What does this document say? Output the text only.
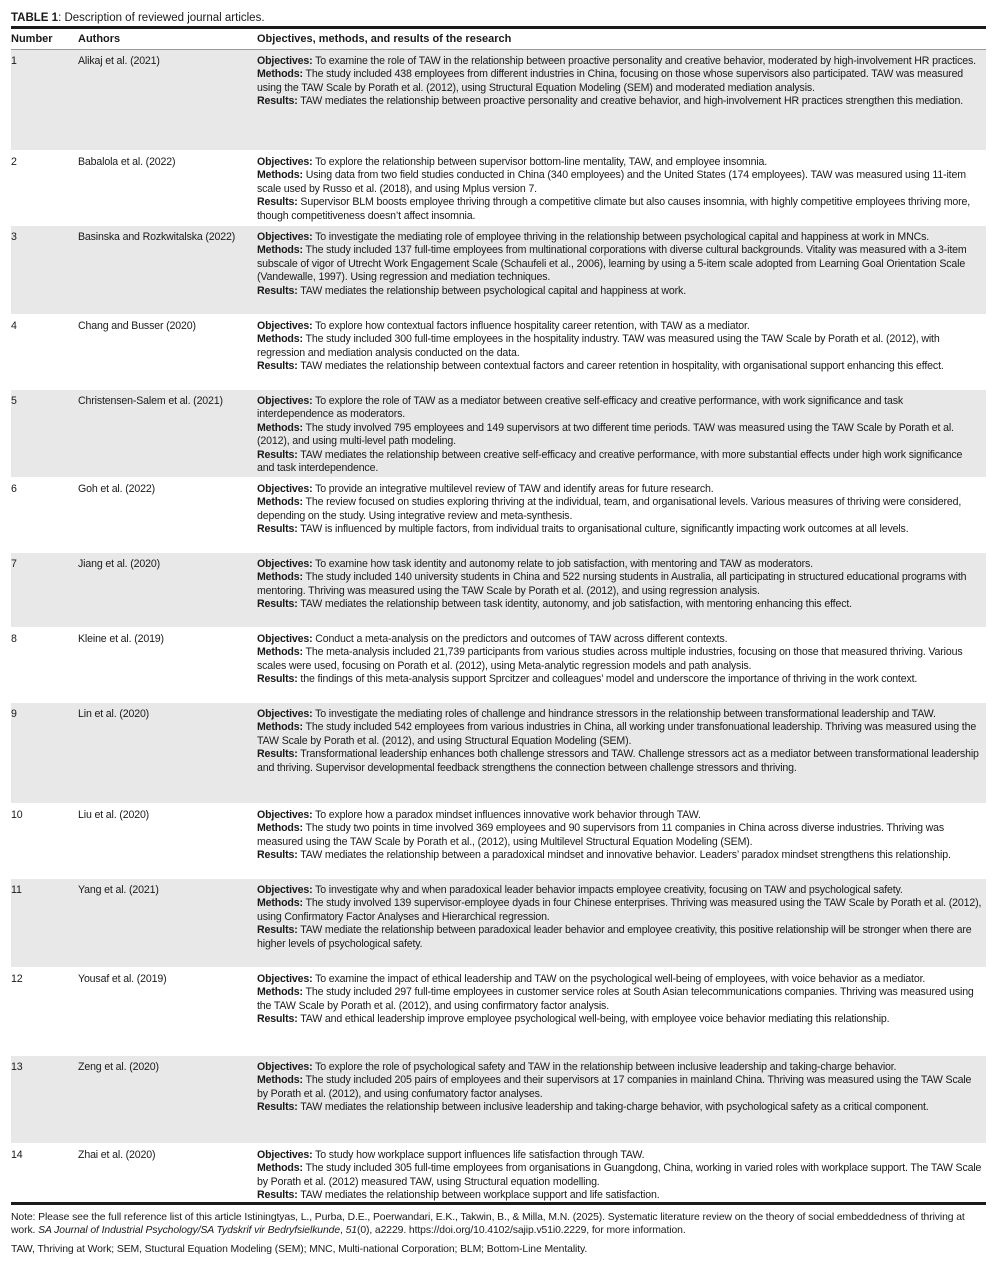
TABLE 1: Description of reviewed journal articles.
Number	Authors	Objectives, methods, and results of the research
1	Alikaj et al. (2021)	Objectives: To examine the role of TAW in the relationship between proactive personality and creative behavior, moderated by high-involvement HR practices.
Methods: The study included 438 employees from different industries in China, focusing on those whose supervisors also participated. TAW was measured using the TAW Scale by Porath et al. (2012), using Structural Equation Modeling (SEM) and moderated mediation analysis.
Results: TAW mediates the relationship between proactive personality and creative behavior, and high-involvement HR practices strengthen this mediation.
2	Babalola et al. (2022)	Objectives: To explore the relationship between supervisor bottom-line mentality, TAW, and employee insomnia.
Methods: Using data from two field studies conducted in China (340 employees) and the United States (174 employees). TAW was measured using 11-item scale used by Russo et al. (2018), and using Mplus version 7.
Results: Supervisor BLM boosts employee thriving through a competitive climate but also causes insomnia, with highly competitive employees thriving more, though competitiveness doesn’t affect insomnia.
3	Basinska and Rozkwitalska (2022)	Objectives: To investigate the mediating role of employee thriving in the relationship between psychological capital and happiness at work in MNCs.
Methods: The study included 137 full-time employees from multinational corporations with diverse cultural backgrounds. Vitality was measured with a 3-item subscale of vigor of Utrecht Work Engagement Scale (Schaufeli et al., 2006), learning by using a 5-item scale adopted from Learning Goal Orientation Scale (Vandewalle, 1997). Using regression and mediation techniques.
Results: TAW mediates the relationship between psychological capital and happiness at work.
4	Chang and Busser (2020)	Objectives: To explore how contextual factors influence hospitality career retention, with TAW as a mediator.
Methods: The study included 300 full-time employees in the hospitality industry. TAW was measured using the TAW Scale by Porath et al. (2012), with regression and mediation analysis conducted on the data.
Results: TAW mediates the relationship between contextual factors and career retention in hospitality, with organisational support enhancing this effect.
5	Christensen-Salem et al. (2021)	Objectives: To explore the role of TAW as a mediator between creative self-efficacy and creative performance, with work significance and task interdependence as moderators.
Methods: The study involved 795 employees and 149 supervisors at two different time periods. TAW was measured using the TAW Scale by Porath et al. (2012), and using multi-level path modeling.
Results: TAW mediates the relationship between creative self-efficacy and creative performance, with more substantial effects under high work significance and task interdependence.
6	Goh et al. (2022)	Objectives: To provide an integrative multilevel review of TAW and identify areas for future research.
Methods: The review focused on studies exploring thriving at the individual, team, and organisational levels. Various measures of thriving were considered, depending on the study. Using integrative review and meta-synthesis.
Results: TAW is influenced by multiple factors, from individual traits to organisational culture, significantly impacting work outcomes at all levels.
7	Jiang et al. (2020)	Objectives: To examine how task identity and autonomy relate to job satisfaction, with mentoring and TAW as moderators.
Methods: The study included 140 university students in China and 522 nursing students in Australia, all participating in structured educational programs with mentoring. Thriving was measured using the TAW Scale by Porath et al. (2012), and using regression analysis.
Results: TAW mediates the relationship between task identity, autonomy, and job satisfaction, with mentoring enhancing this effect.
8	Kleine et al. (2019)	Objectives: Conduct a meta-analysis on the predictors and outcomes of TAW across different contexts.
Methods: The meta-analysis included 21,739 participants from various studies across multiple industries, focusing on those that measured thriving. Various scales were used, focusing on Porath et al. (2012), using Meta-analytic regression models and path analysis.
Results: the findings of this meta-analysis support Sprcitzer and colleagues’ model and underscore the importance of thriving in the work context.
9	Lin et al. (2020)	Objectives: To investigate the mediating roles of challenge and hindrance stressors in the relationship between transformational leadership and TAW.
Methods: The study included 542 employees from various industries in China, all working under transfonuational leadership. Thriving was measured using the TAW Scale by Porath et al. (2012), and using Structural Equation Modeling (SEM).
Results: Transformational leadership enhances both challenge stressors and TAW. Challenge stressors act as a mediator between transformational leadership and thriving. Supervisor developmental feedback strengthens the connection between challenge stressors and thriving.
10	Liu et al. (2020)	Objectives: To explore how a paradox mindset influences innovative work behavior through TAW.
Methods: The study two points in time involved 369 employees and 90 supervisors from 11 companies in China across diverse industries. Thriving was measured using the TAW Scale by Porath et al., (2012), using Multilevel Structural Equation Modeling (SEM).
Results: TAW mediates the relationship between a paradoxical mindset and innovative behavior. Leaders’ paradox mindset strengthens this relationship.
11	Yang et al. (2021)	Objectives: To investigate why and when paradoxical leader behavior impacts employee creativity, focusing on TAW and psychological safety.
Methods: The study involved 139 supervisor-employee dyads in four Chinese enterprises. Thriving was measured using the TAW Scale by Porath et al. (2012), using Confirmatory Factor Analyses and Hierarchical regression.
Results: TAW mediate the relationship between paradoxical leader behavior and employee creativity, this positive relationship will be stronger when there are higher levels of psychological safety.
12	Yousaf et al. (2019)	Objectives: To examine the impact of ethical leadership and TAW on the psychological well-being of employees, with voice behavior as a mediator.
Methods: The study included 297 full-time employees in customer service roles at South Asian telecommunications companies. Thriving was measured using the TAW Scale by Porath et al. (2012), and using confirmatory factor analysis.
Results: TAW and ethical leadership improve employee psychological well-being, with employee voice behavior mediating this relationship.
13	Zeng et al. (2020)	Objectives: To explore the role of psychological safety and TAW in the relationship between inclusive leadership and taking-charge behavior.
Methods: The study included 205 pairs of employees and their supervisors at 17 companies in mainland China. Thriving was measured using the TAW Scale by Porath et al. (2012), and using confumatory factor analyses.
Results: TAW mediates the relationship between inclusive leadership and taking-charge behavior, with psychological safety as a critical component.
14	Zhai et al. (2020)	Objectives: To study how workplace support influences life satisfaction through TAW.
Methods: The study included 305 full-time employees from organisations in Guangdong, China, working in varied roles with workplace support. The TAW Scale by Porath et al. (2012) measured TAW, using Structural equation modelling.
Results: TAW mediates the relationship between workplace support and life satisfaction.
Note: Please see the full reference list of this article Istiningtyas, L., Purba, D.E., Poerwandari, E.K., Takwin, B., & Milla, M.N. (2025). Systematic literature review on the theory of social embeddedness of thriving at work. SA Journal of Industrial Psychology/SA Tydskrif vir Bedryfsielkunde, 51(0), a2229. https://doi.org/10.4102/sajip.v51i0.2229, for more information.
TAW, Thriving at Work; SEM, Stuctural Equation Modeling (SEM); MNC, Multi-national Corporation; BLM; Bottom-Line Mentality.
